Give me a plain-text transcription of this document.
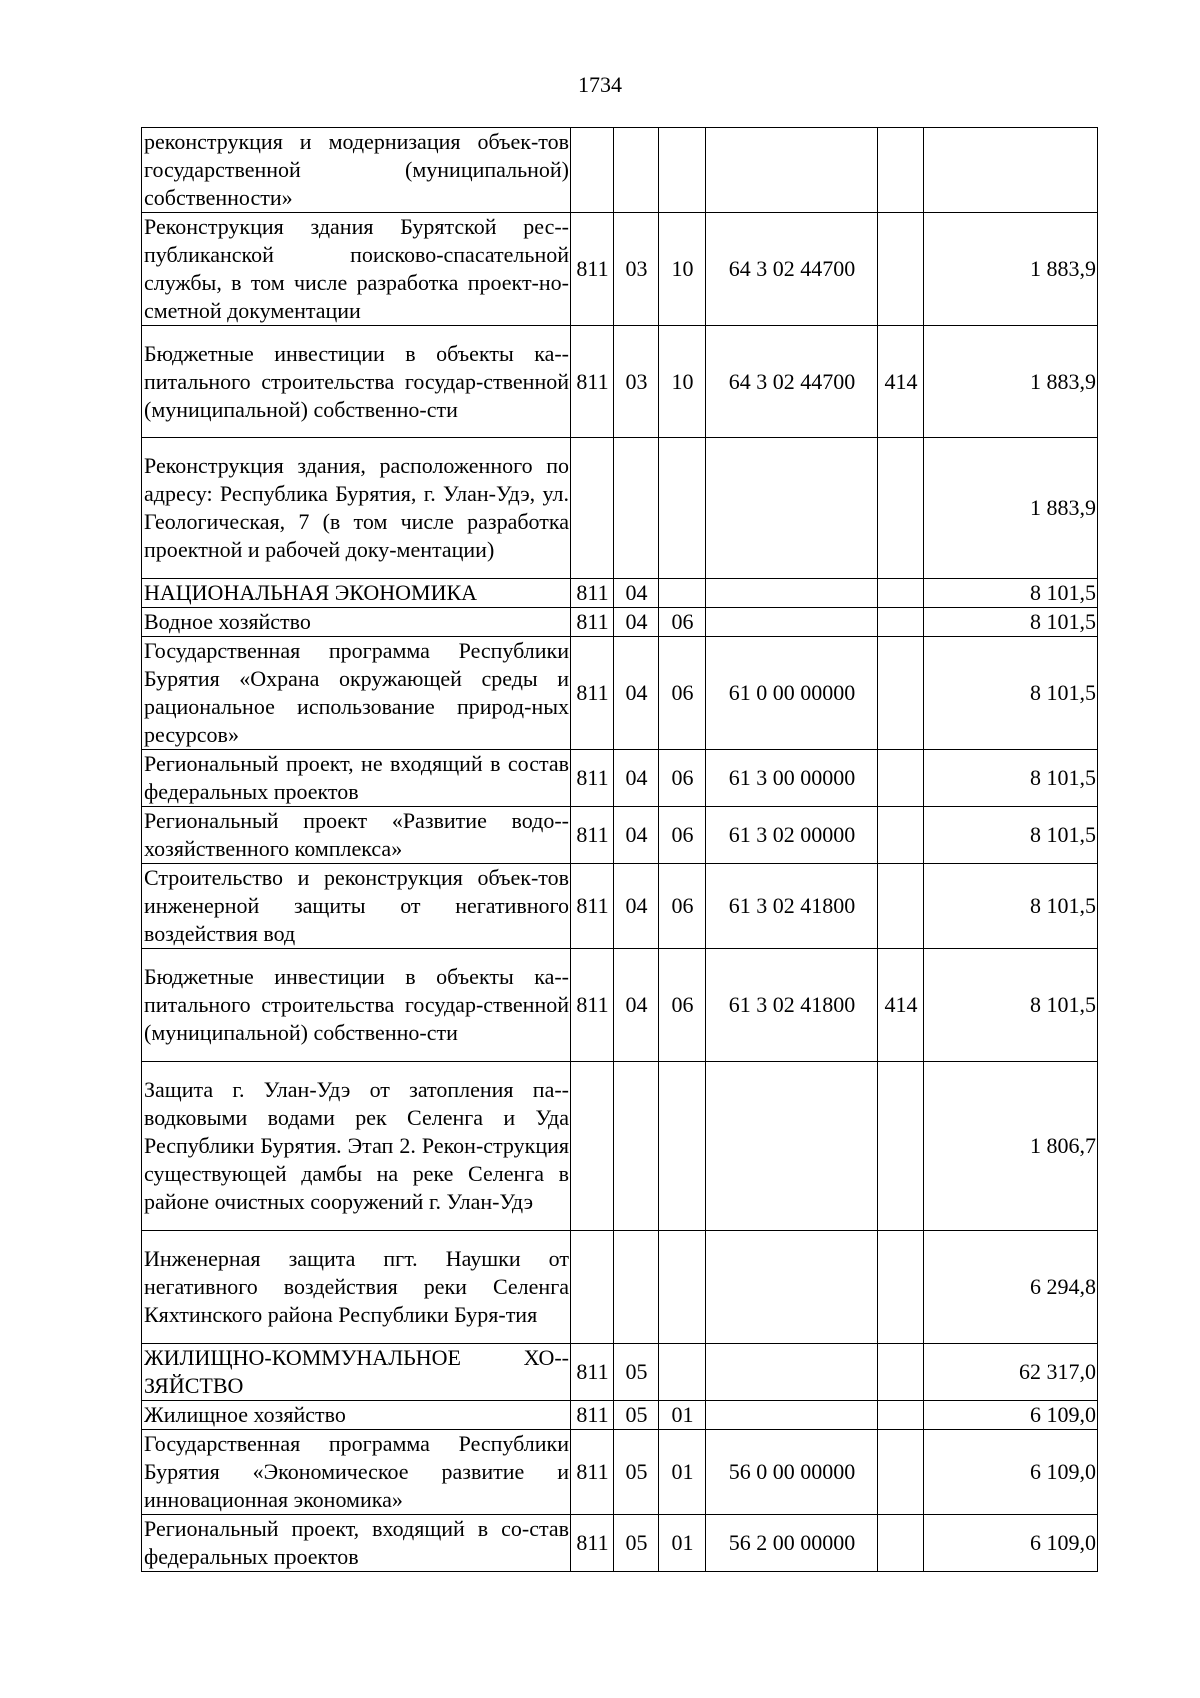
1734
реконструкция и модернизация объек-тов государственной (муниципальной) собственности»						
Реконструкция здания Бурятской рес-публиканской поисково-спасательной службы, в том числе разработка проект-но-сметной документации	811	03	10	64 3 02 44700		1 883,9
Бюджетные инвестиции в объекты ка-питального строительства государ-ственной (муниципальной) собственно-сти	811	03	10	64 3 02 44700	414	1 883,9
Реконструкция здания, расположенного по адресу: Республика Бурятия, г. Улан-Удэ, ул. Геологическая, 7 (в том числе разработка проектной и рабочей доку-ментации)						1 883,9
НАЦИОНАЛЬНАЯ ЭКОНОМИКА	811	04				8 101,5
Водное хозяйство	811	04	06			8 101,5
Государственная программа Республики Бурятия «Охрана окружающей среды и рациональное использование природ-ных ресурсов»	811	04	06	61 0 00 00000		8 101,5
Региональный проект, не входящий в состав федеральных проектов	811	04	06	61 3 00 00000		8 101,5
Региональный проект «Развитие водо-хозяйственного комплекса»	811	04	06	61 3 02 00000		8 101,5
Строительство и реконструкция объек-тов инженерной защиты от негативного воздействия вод	811	04	06	61 3 02 41800		8 101,5
Бюджетные инвестиции в объекты ка-питального строительства государ-ственной (муниципальной) собственно-сти	811	04	06	61 3 02 41800	414	8 101,5
Защита г. Улан-Удэ от затопления па-водковыми водами рек Селенга и Уда Республики Бурятия. Этап 2. Рекон-струкция существующей дамбы на реке Селенга в районе очистных сооружений г. Улан-Удэ						1 806,7
Инженерная защита пгт. Наушки от негативного воздействия реки Селенга Кяхтинского района Республики Буря-тия						6 294,8
ЖИЛИЩНО-КОММУНАЛЬНОЕ ХО-ЗЯЙСТВО	811	05				62 317,0
Жилищное хозяйство	811	05	01			6 109,0
Государственная программа Республики Бурятия «Экономическое развитие и инновационная экономика»	811	05	01	56 0 00 00000		6 109,0
Региональный проект, входящий в со-став федеральных проектов	811	05	01	56 2 00 00000		6 109,0
